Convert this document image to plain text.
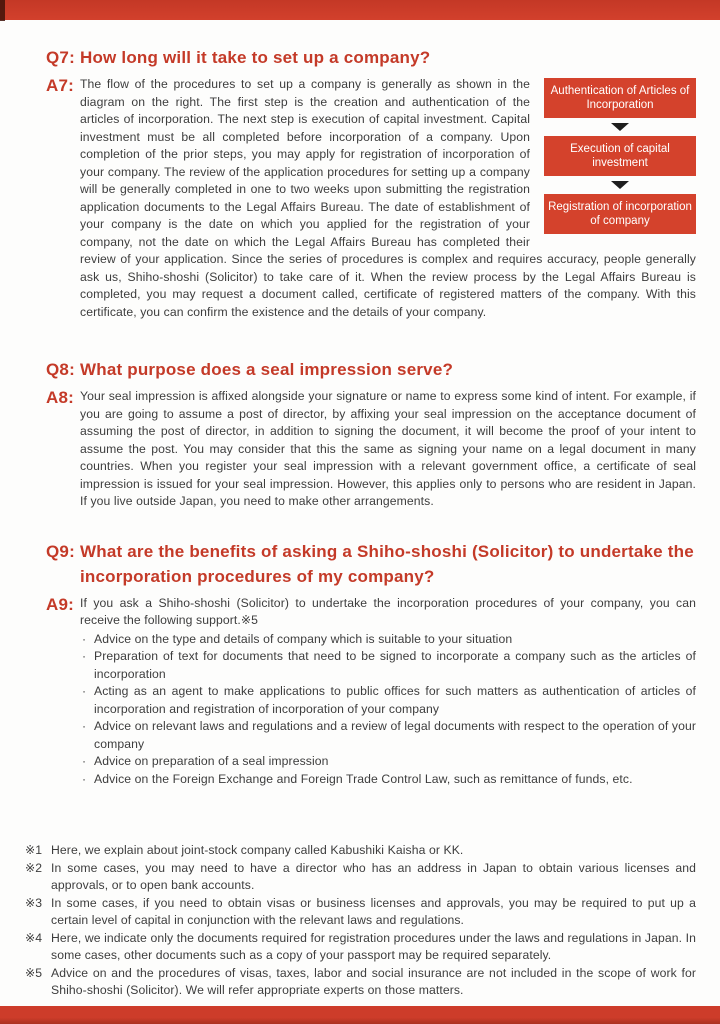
Q7: How long will it take to set up a company?
A7:	Authentication of Articles of Incorporation
Execution of capital investment
Registration of incorporation of company

The flow of the procedures to set up a company is generally as shown in the diagram on the right. The first step is the creation and authentication of the articles of incorporation. The next step is execution of capital investment. Capital investment must be all completed before incorporation of a company. Upon completion of the prior steps, you may apply for registration of incorporation of your company. The review of the application procedures for setting up a company will be generally completed in one to two weeks upon submitting the registration application documents to the Legal Affairs Bureau. The date of establishment of your company is the date on which you applied for the registration of your company, not the date on which the Legal Affairs Bureau has completed their review of your application. Since the series of procedures is complex and requires accuracy, people generally ask us, Shiho-shoshi (Solicitor) to take care of it. When the review process by the Legal Affairs Bureau is completed, you may request a document called, certificate of registered matters of the company. With this certificate, you can confirm the existence and the details of your company.

Q8: What purpose does a seal impression serve?
A8: Your seal impression is affixed alongside your signature or name to express some kind of intent. For example, if you are going to assume a post of director, by affixing your seal impression on the acceptance document of assuming the post of director, in addition to signing the document, it will become the proof of your intent to assume the post. You may consider that this the same as signing your name on a legal document in many countries. When you register your seal impression with a relevant government office, a certificate of seal impression is issued for your seal impression. However, this applies only to persons who are resident in Japan. If you live outside Japan, you need to make other arrangements.

Q9: What are the benefits of asking a Shiho-shoshi (Solicitor) to undertake the incorporation procedures of my company?
A9: If you ask a Shiho-shoshi (Solicitor) to undertake the incorporation procedures of your company, you can receive the following support.※5

· Advice on the type and details of company which is suitable to your situation
· Preparation of text for documents that need to be signed to incorporate a company such as the articles of incorporation
· Acting as an agent to make applications to public offices for such matters as authentication of articles of incorporation and registration of incorporation of your company
· Advice on relevant laws and regulations and a review of legal documents with respect to the operation of your company
· Advice on preparation of a seal impression
· Advice on the Foreign Exchange and Foreign Trade Control Law, such as remittance of funds, etc.
※1 Here, we explain about joint-stock company called Kabushiki Kaisha or KK.
※2 In some cases, you may need to have a director who has an address in Japan to obtain various licenses and approvals, or to open bank accounts.
※3 In some cases, if you need to obtain visas or business licenses and approvals, you may be required to put up a certain level of capital in conjunction with the relevant laws and regulations.
※4 Here, we indicate only the documents required for registration procedures under the laws and regulations in Japan. In some cases, other documents such as a copy of your passport may be required separately.
※5 Advice on and the procedures of visas, taxes, labor and social insurance are not included in the scope of work for Shiho-shoshi (Solicitor). We will refer appropriate experts on those matters.
